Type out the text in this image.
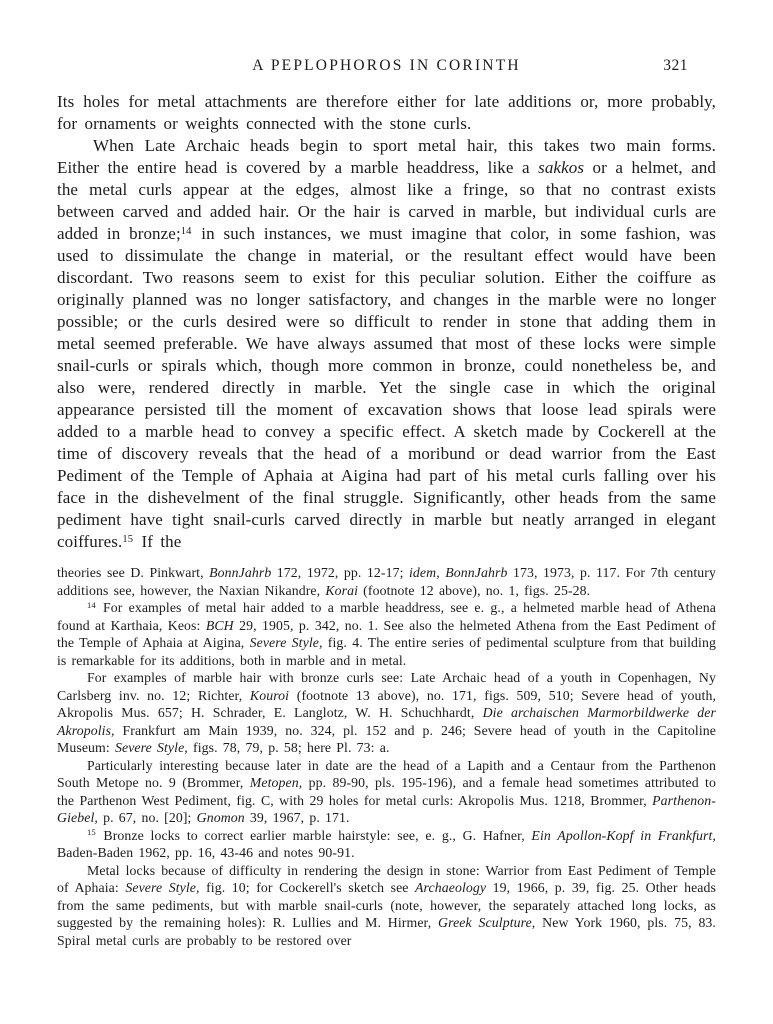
A PEPLOPHOROS IN CORINTH	321

Its holes for metal attachments are therefore either for late additions or, more probably, for ornaments or weights connected with the stone curls.

When Late Archaic heads begin to sport metal hair, this takes two main forms. Either the entire head is covered by a marble headdress, like a sakkos or a helmet, and the metal curls appear at the edges, almost like a fringe, so that no contrast exists between carved and added hair. Or the hair is carved in marble, but individual curls are added in bronze;$^{14}$ in such instances, we must imagine that color, in some fashion, was used to dissimulate the change in material, or the resultant effect would have been discordant. Two reasons seem to exist for this peculiar solution. Either the coiffure as originally planned was no longer satisfactory, and changes in the marble were no longer possible; or the curls desired were so difficult to render in stone that adding them in metal seemed preferable. We have always assumed that most of these locks were simple snail-curls or spirals which, though more common in bronze, could nonetheless be, and also were, rendered directly in marble. Yet the single case in which the original appearance persisted till the moment of excavation shows that loose lead spirals were added to a marble head to convey a specific effect. A sketch made by Cockerell at the time of discovery reveals that the head of a moribund or dead warrior from the East Pediment of the Temple of Aphaia at Aigina had part of his metal curls falling over his face in the dishevelment of the final struggle. Significantly, other heads from the same pediment have tight snail-curls carved directly in marble but neatly arranged in elegant coiffures.$^{15}$ If the

theories see D. Pinkwart, BonnJahrb 172, 1972, pp. 12-17; idem, BonnJahrb 173, 1973, p. 117. For 7th century additions see, however, the Naxian Nikandre, Korai (footnote 12 above), no. 1, figs. 25-28.

$^{14}$ For examples of metal hair added to a marble headdress, see e. g., a helmeted marble head of Athena found at Karthaia, Keos: BCH 29, 1905, p. 342, no. 1. See also the helmeted Athena from the East Pediment of the Temple of Aphaia at Aigina, Severe Style, fig. 4. The entire series of pedimental sculpture from that building is remarkable for its additions, both in marble and in metal.

For examples of marble hair with bronze curls see: Late Archaic head of a youth in Copenhagen, Ny Carlsberg inv. no. 12; Richter, Kouroi (footnote 13 above), no. 171, figs. 509, 510; Severe head of youth, Akropolis Mus. 657; H. Schrader, E. Langlotz, W. H. Schuchhardt, Die archaischen Marmorbildwerke der Akropolis, Frankfurt am Main 1939, no. 324, pl. 152 and p. 246; Severe head of youth in the Capitoline Museum: Severe Style, figs. 78, 79, p. 58; here Pl. 73: a.

Particularly interesting because later in date are the head of a Lapith and a Centaur from the Parthenon South Metope no. 9 (Brommer, Metopen, pp. 89-90, pls. 195-196), and a female head sometimes attributed to the Parthenon West Pediment, fig. C, with 29 holes for metal curls: Akropolis Mus. 1218, Brommer, Parthenon-Giebel, p. 67, no. [20]; Gnomon 39, 1967, p. 171.

$^{15}$ Bronze locks to correct earlier marble hairstyle: see, e. g., G. Hafner, Ein Apollon-Kopf in Frankfurt, Baden-Baden 1962, pp. 16, 43-46 and notes 90-91.

Metal locks because of difficulty in rendering the design in stone: Warrior from East Pediment of Temple of Aphaia: Severe Style, fig. 10; for Cockerell's sketch see Archaeology 19, 1966, p. 39, fig. 25. Other heads from the same pediments, but with marble snail-curls (note, however, the separately attached long locks, as suggested by the remaining holes): R. Lullies and M. Hirmer, Greek Sculpture, New York 1960, pls. 75, 83. Spiral metal curls are probably to be restored over
